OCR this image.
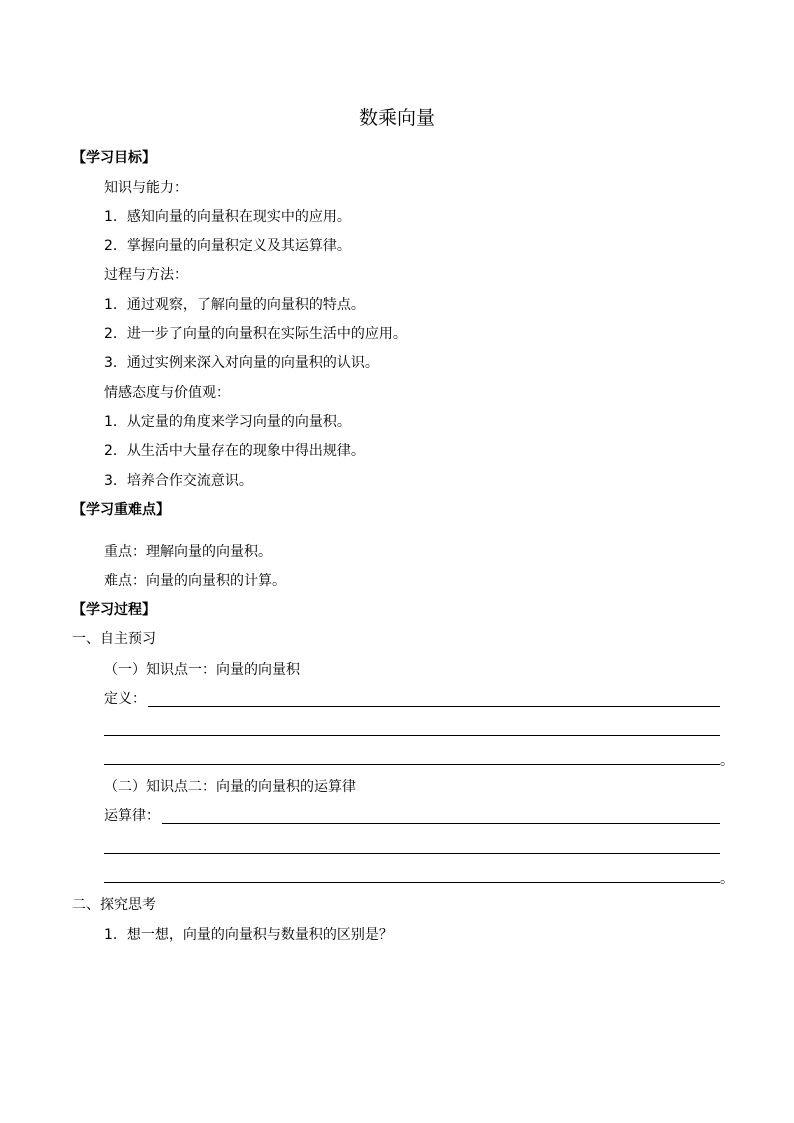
数乘向量
【学习目标】
知识与能力：
1．感知向量的向量积在现实中的应用。
2．掌握向量的向量积定义及其运算律。
过程与方法：
1．通过观察，了解向量的向量积的特点。
2．进一步了向量的向量积在实际生活中的应用。
3．通过实例来深入对向量的向量积的认识。
情感态度与价值观：
1．从定量的角度来学习向量的向量积。
2．从生活中大量存在的现象中得出规律。
3．培养合作交流意识。
【学习重难点】
重点：理解向量的向量积。
难点：向量的向量积的计算。
【学习过程】
一、自主预习
（一）知识点一：向量的向量积
定义：
。
（二）知识点二：向量的向量积的运算律
运算律：
。
二、探究思考
1．想一想，向量的向量积与数量积的区别是？
